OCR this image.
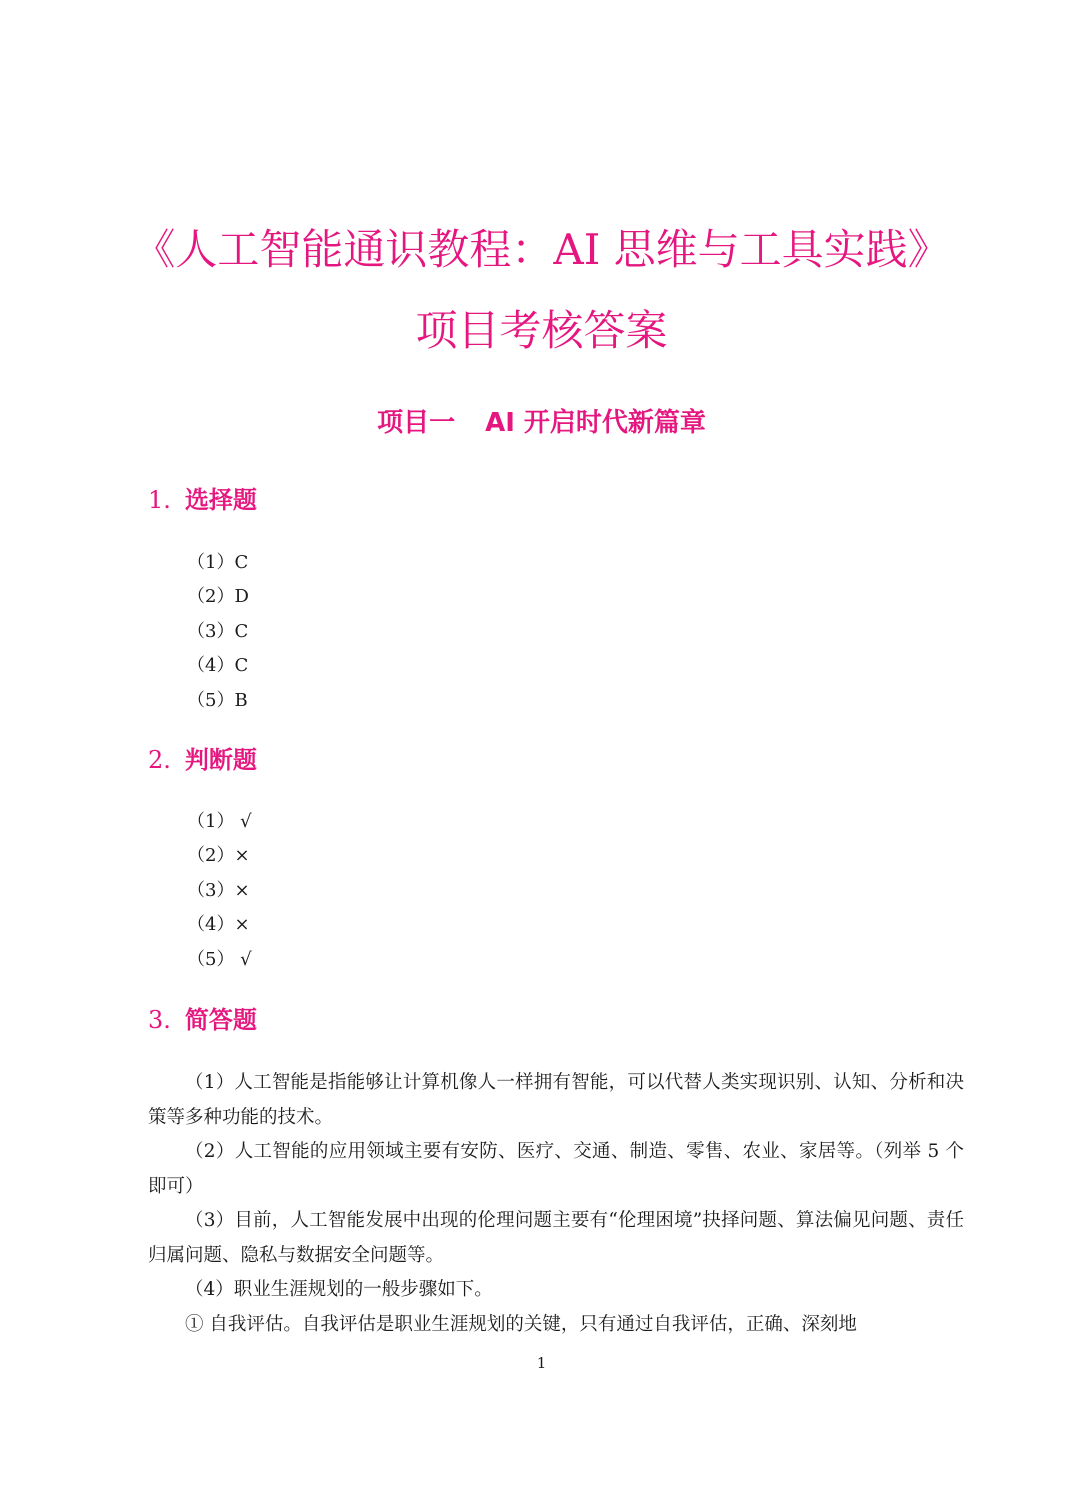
《人工智能通识教程：AI 思维与工具实践》
项目考核答案
项目一 AI 开启时代新篇章
1. 选择题
（1）C
（2）D
（3）C
（4）C
（5）B
2. 判断题
（1） √
（2）×
（3）×
（4）×
（5） √
3. 简答题

（1）人工智能是指能够让计算机像人一样拥有智能，可以代替人类实现识别、认知、分析和决策等多种功能的技术。

（2）人工智能的应用领域主要有安防、医疗、交通、制造、零售、农业、家居等。（列举 5 个即可）

（3）目前，人工智能发展中出现的伦理问题主要有“伦理困境”抉择问题、算法偏见问题、责任归属问题、隐私与数据安全问题等。

（4）职业生涯规划的一般步骤如下。

① 自我评估。自我评估是职业生涯规划的关键，只有通过自我评估，正确、深刻地

1
